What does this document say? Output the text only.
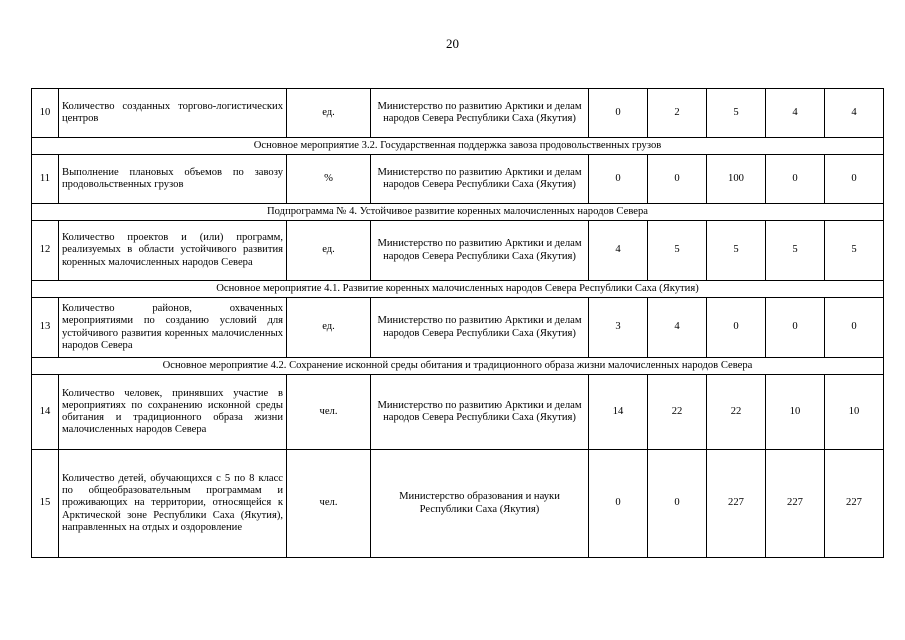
20
10	Количество созданных торгово-логистических центров	ед.	Министерство по развитию Арктики и делам народов Севера Республики Саха (Якутия)	0	2	5	4	4
Основное мероприятие 3.2. Государственная поддержка завоза продовольственных грузов								
11	Выполнение плановых объемов по завозу продовольственных грузов	%	Министерство по развитию Арктики и делам народов Севера Республики Саха (Якутия)	0	0	100	0	0
Подпрограмма № 4. Устойчивое развитие коренных малочисленных народов Севера								
12	Количество проектов и (или) программ, реализуемых в области устойчивого развития коренных малочисленных народов Севера	ед.	Министерство по развитию Арктики и делам народов Севера Республики Саха (Якутия)	4	5	5	5	5
Основное мероприятие 4.1. Развитие коренных малочисленных народов Севера Республики Саха (Якутия)								
13	Количество районов, охваченных мероприятиями по созданию условий для устойчивого развития коренных малочисленных народов Севера	ед.	Министерство по развитию Арктики и делам народов Севера Республики Саха (Якутия)	3	4	0	0	0
Основное мероприятие 4.2. Сохранение исконной среды обитания и традиционного образа жизни малочисленных народов Севера								
14	Количество человек, принявших участие в мероприятиях по сохранению исконной среды обитания и традиционного образа жизни малочисленных народов Севера	чел.	Министерство по развитию Арктики и делам народов Севера Республики Саха (Якутия)	14	22	22	10	10
15	Количество детей, обучающихся с 5 по 8 класс по общеобразовательным программам и проживающих на территории, относящейся к Арктической зоне Республики Саха (Якутия), направленных на отдых и оздоровление	чел.	Министерство образования и науки Республики Саха (Якутия)	0	0	227	227	227
